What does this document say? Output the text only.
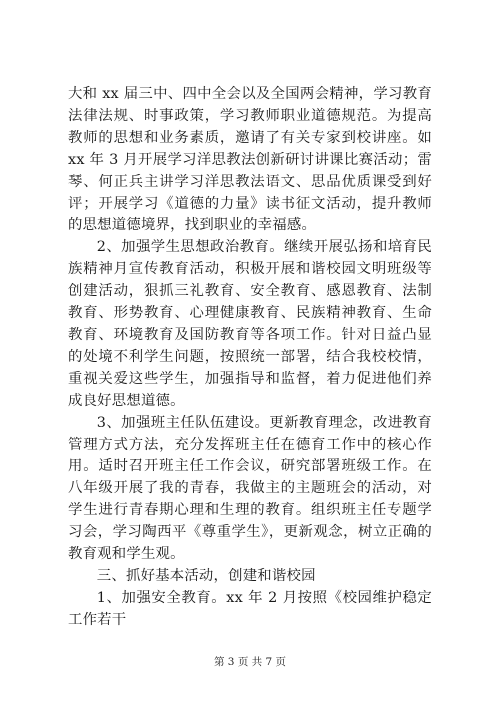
大和 xx 届三中、四中全会以及全国两会精神，学习教育法律法规、时事政策，学习教师职业道德规范。为提高教师的思想和业务素质，邀请了有关专家到校讲座。如 xx 年 3 月开展学习洋思教法创新研讨讲课比赛活动；雷琴、何正兵主讲学习洋思教法语文、思品优质课受到好评；开展学习《道德的力量》读书征文活动，提升教师的思想道德境界，找到职业的幸福感。

2、加强学生思想政治教育。继续开展弘扬和培育民族精神月宣传教育活动，积极开展和谐校园文明班级等创建活动，狠抓三礼教育、安全教育、感恩教育、法制教育、形势教育、心理健康教育、民族精神教育、生命教育、环境教育及国防教育等各项工作。针对日益凸显的处境不利学生问题，按照统一部署，结合我校校情，重视关爱这些学生，加强指导和监督，着力促进他们养成良好思想道德。

3、加强班主任队伍建设。更新教育理念，改进教育管理方式方法，充分发挥班主任在德育工作中的核心作用。适时召开班主任工作会议，研究部署班级工作。在八年级开展了我的青春，我做主的主题班会的活动，对学生进行青春期心理和生理的教育。组织班主任专题学习会，学习陶西平《尊重学生》，更新观念，树立正确的教育观和学生观。

三、抓好基本活动，创建和谐校园

1、加强安全教育。xx 年 2 月按照《校园维护稳定工作若干

第 3 页 共 7 页
